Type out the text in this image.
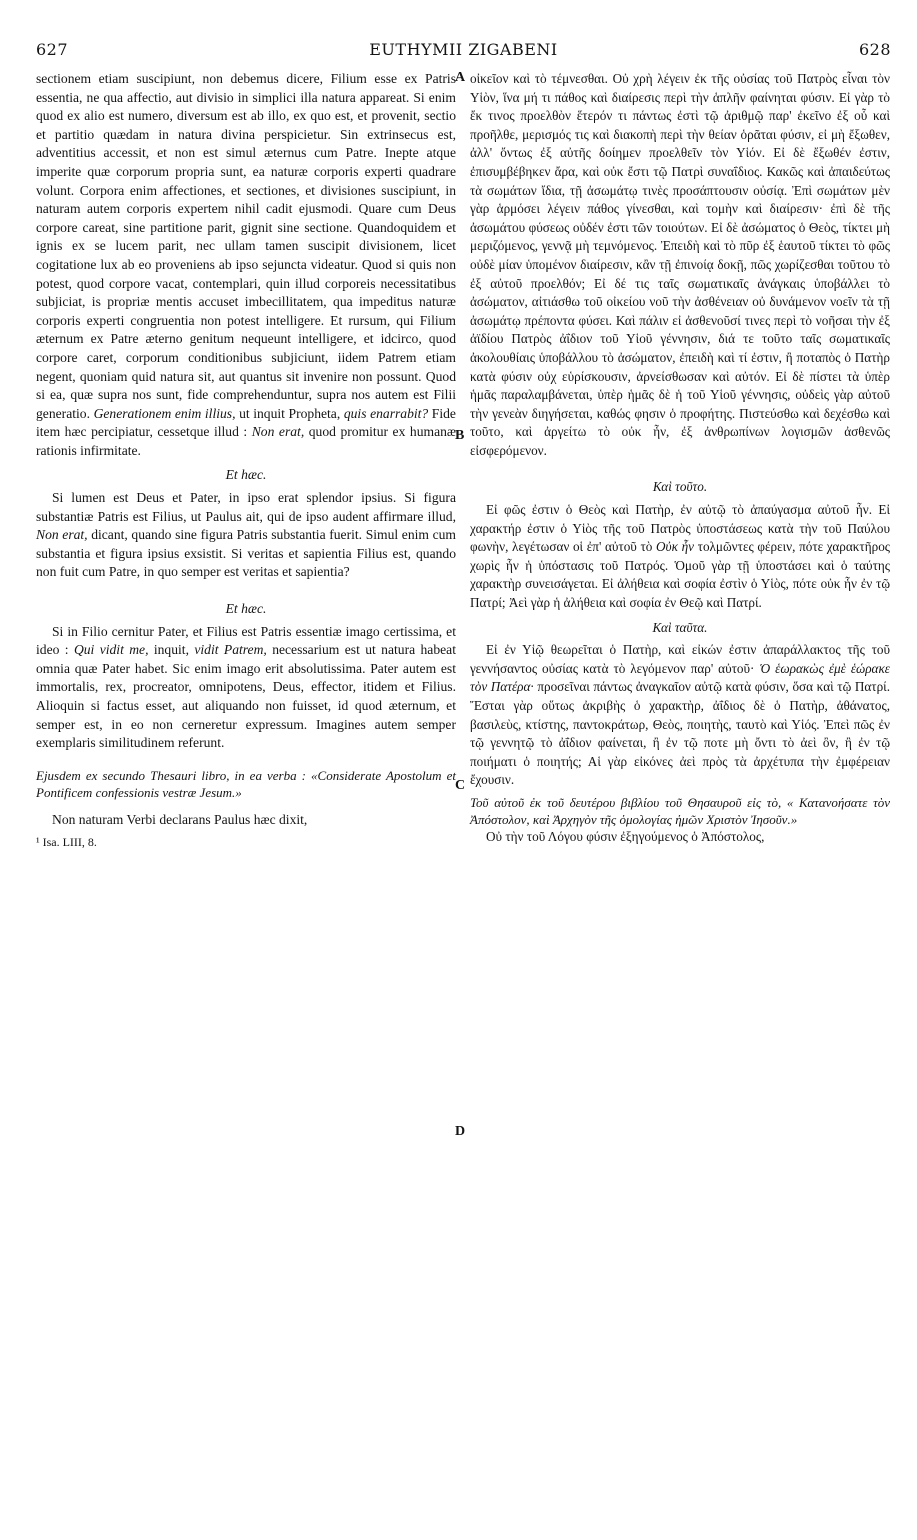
627	EUTHYMII ZIGABENI	628
A
B
C
D

sectionem etiam suscipiunt, non debemus dicere, Filium esse ex Patris essentia, ne qua affectio, aut divisio in simplici illa natura appareat. Si enim quod ex alio est numero, diversum est ab illo, ex quo est, et provenit, sectio et partitio quædam in natura divina perspicietur. Sin extrinsecus est, adventitius accessit, et non est simul æternus cum Patre. Inepte atque imperite quæ corporum propria sunt, ea naturæ corporis experti quadrare volunt. Corpora enim affectiones, et sectiones, et divisiones suscipiunt, in naturam autem corporis expertem nihil cadit ejusmodi. Quare cum Deus corpore careat, sine partitione parit, gignit sine sectione. Quandoquidem et ignis ex se lucem parit, nec ullam tamen suscipit divisionem, licet cogitatione lux ab eo proveniens ab ipso sejuncta videatur. Quod si quis non potest, quod corpore vacat, contemplari, quin illud corporeis necessitatibus subjiciat, is propriæ mentis accuset imbecillitatem, qua impeditus naturæ corporis experti congruentia non potest intelligere. Et rursum, qui Filium æternum ex Patre æterno genitum nequeunt intelligere, et idcirco, quod corpore caret, corporum conditionibus subjiciunt, iidem Patrem etiam negent, quoniam quid natura sit, aut quantus sit invenire non possunt. Quod si ea, quæ supra nos sunt, fide comprehenduntur, supra nos autem est Filii generatio. Generationem enim illius, ut inquit Propheta, quis enarrabit? Fide item hæc percipiatur, cessetque illud : Non erat, quod promitur ex humanæ rationis infirmitate.

Et hæc.

Si lumen est Deus et Pater, in ipso erat splendor ipsius. Si figura substantiæ Patris est Filius, ut Paulus ait, qui de ipso audent affirmare illud, Non erat, dicant, quando sine figura Patris substantia fuerit. Simul enim cum substantia et figura ipsius exsistit. Si veritas et sapientia Filius est, quando non fuit cum Patre, in quo semper est veritas et sapientia?

Et hæc.

Si in Filio cernitur Pater, et Filius est Patris essentiæ imago certissima, et ideo : Qui vidit me, inquit, vidit Patrem, necessarium est ut natura habeat omnia quæ Pater habet. Sic enim imago erit absolutissima. Pater autem est immortalis, rex, procreator, omnipotens, Deus, effector, itidem et Filius. Alioquin si factus esset, aut aliquando non fuisset, id quod æternum, et semper est, in eo non cerneretur expressum. Imagines autem semper exemplaris similitudinem referunt.

Ejusdem ex secundo Thesauri libro, in ea verba : «Considerate Apostolum et Pontificem confessionis vestræ Jesum.»

Non naturam Verbi declarans Paulus hæc dixit,

¹ Isa. LIII, 8.

οἰκεῖον καὶ τὸ τέμνεσθαι. Οὐ χρὴ λέγειν ἐκ τῆς οὐσίας τοῦ Πατρὸς εἶναι τὸν Υἱὸν, ἵνα μή τι πάθος καὶ διαίρεσις περὶ τὴν ἁπλῆν φαίνηται φύσιν. Εἰ γὰρ τὸ ἔκ τινος προελθὸν ἕτερόν τι πάντως ἐστὶ τῷ ἀριθμῷ παρ' ἐκεῖνο ἐξ οὗ καὶ προῆλθε, μερισμός τις καὶ διακοπὴ περὶ τὴν θείαν ὁρᾶται φύσιν, εἰ μὴ ἔξωθεν, ἀλλ' ὄντως ἐξ αὐτῆς δοίημεν προελθεῖν τὸν Υἱόν. Εἰ δὲ ἔξωθέν ἐστιν, ἐπισυμβέβηκεν ἄρα, καὶ οὐκ ἔστι τῷ Πατρὶ συναΐδιος. Κακῶς καὶ ἀπαιδεύτως τὰ σωμάτων ἴδια, τῇ ἀσωμάτῳ τινὲς προσάπτουσιν οὐσίᾳ. Ἐπὶ σωμάτων μὲν γὰρ ἁρμόσει λέγειν πάθος γίνεσθαι, καὶ τομὴν καὶ διαίρεσιν· ἐπὶ δὲ τῆς ἀσωμάτου φύσεως οὐδέν ἐστι τῶν τοιούτων. Εἰ δὲ ἀσώματος ὁ Θεὸς, τίκτει μὴ μεριζόμενος, γεννᾷ μὴ τεμνόμενος. Ἐπειδὴ καὶ τὸ πῦρ ἐξ ἑαυτοῦ τίκτει τὸ φῶς οὐδὲ μίαν ὑπομένον διαίρεσιν, κἂν τῇ ἐπινοίᾳ δοκῇ, πῶς χωρίζεσθαι τοῦτου τὸ ἐξ αὐτοῦ προελθόν; Εἰ δέ τις ταῖς σωματικαῖς ἀνάγκαις ὑποβάλλει τὸ ἀσώματον, αἰτιάσθω τοῦ οἰκείου νοῦ τὴν ἀσθένειαν οὐ δυνάμενον νοεῖν τὰ τῇ ἀσωμάτῳ πρέποντα φύσει. Καὶ πάλιν εἰ ἀσθενοῦσί τινες περὶ τὸ νοῆσαι τὴν ἐξ ἀϊδίου Πατρὸς ἀΐδιον τοῦ Υἱοῦ γέννησιν, διά τε τοῦτο ταῖς σωματικαῖς ἀκολουθίαις ὑποβάλλου τὸ ἀσώματον, ἐπειδὴ καὶ τί ἐστιν, ἢ ποταπὸς ὁ Πατὴρ κατὰ φύσιν οὐχ εὑρίσκουσιν, ἀρνείσθωσαν καὶ αὐτόν. Εἰ δὲ πίστει τὰ ὑπὲρ ἡμᾶς παραλαμβάνεται, ὑπὲρ ἡμᾶς δὲ ἡ τοῦ Υἱοῦ γέννησις, οὐδεὶς γὰρ αὐτοῦ τὴν γενεὰν διηγήσεται, καθώς φησιν ὁ προφήτης. Πιστεύσθω καὶ δεχέσθω καὶ τοῦτο, καὶ ἀργείτω τὸ οὐκ ἦν, ἐξ ἀνθρωπίνων λογισμῶν ἀσθενῶς εἰσφερόμενον.

Καὶ τοῦτο.

Εἰ φῶς ἐστιν ὁ Θεὸς καὶ Πατὴρ, ἐν αὐτῷ τὸ ἀπαύγασμα αὐτοῦ ἦν. Εἰ χαρακτήρ ἐστιν ὁ Υἱὸς τῆς τοῦ Πατρὸς ὑποστάσεως κατὰ τὴν τοῦ Παύλου φωνὴν, λεγέτωσαν οἱ ἐπ' αὐτοῦ τὸ Οὐκ ἦν τολμῶντες φέρειν, πότε χαρακτῆρος χωρὶς ἦν ἡ ὑπόστασις τοῦ Πατρός. Ὁμοῦ γὰρ τῇ ὑποστάσει καὶ ὁ ταύτης χαρακτὴρ συνεισάγεται. Εἰ ἀλήθεια καὶ σοφία ἐστὶν ὁ Υἱὸς, πότε οὐκ ἦν ἐν τῷ Πατρί; Ἀεὶ γὰρ ἡ ἀλήθεια καὶ σοφία ἐν Θεῷ καὶ Πατρί.

Καὶ ταῦτα.

Εἰ ἐν Υἱῷ θεωρεῖται ὁ Πατὴρ, καὶ εἰκών ἐστιν ἀπαράλλακτος τῆς τοῦ γεννήσαντος οὐσίας κατὰ τὸ λεγόμενον παρ' αὐτοῦ· Ὁ ἑωρακὼς ἐμὲ ἑώρακε τὸν Πατέρα· προσεῖναι πάντως ἀναγκαῖον αὐτῷ κατὰ φύσιν, ὅσα καὶ τῷ Πατρί. Ἔσται γὰρ οὕτως ἀκριβὴς ὁ χαρακτὴρ, ἀΐδιος δὲ ὁ Πατὴρ, ἀθάνατος, βασιλεὺς, κτίστης, παντοκράτωρ, Θεὸς, ποιητὴς, ταυτὸ καὶ Υἱός. Ἐπεὶ πῶς ἐν τῷ γεννητῷ τὸ ἀΐδιον φαίνεται, ἢ ἐν τῷ ποτε μὴ ὄντι τὸ ἀεὶ ὂν, ἢ ἐν τῷ ποιήματι ὁ ποιητής; Αἱ γὰρ εἰκόνες ἀεὶ πρὸς τὰ ἀρχέτυπα τὴν ἐμφέρειαν ἔχουσιν.

Τοῦ αὐτοῦ ἐκ τοῦ δευτέρου βιβλίου τοῦ Θησαυροῦ εἰς τὸ, « Κατανοήσατε τὸν Ἀπόστολον, καὶ Ἀρχηγὸν τῆς ὁμολογίας ἡμῶν Χριστὸν Ἰησοῦν.»

Οὐ τὴν τοῦ Λόγου φύσιν ἐξηγούμενος ὁ Ἀπόστολος,
